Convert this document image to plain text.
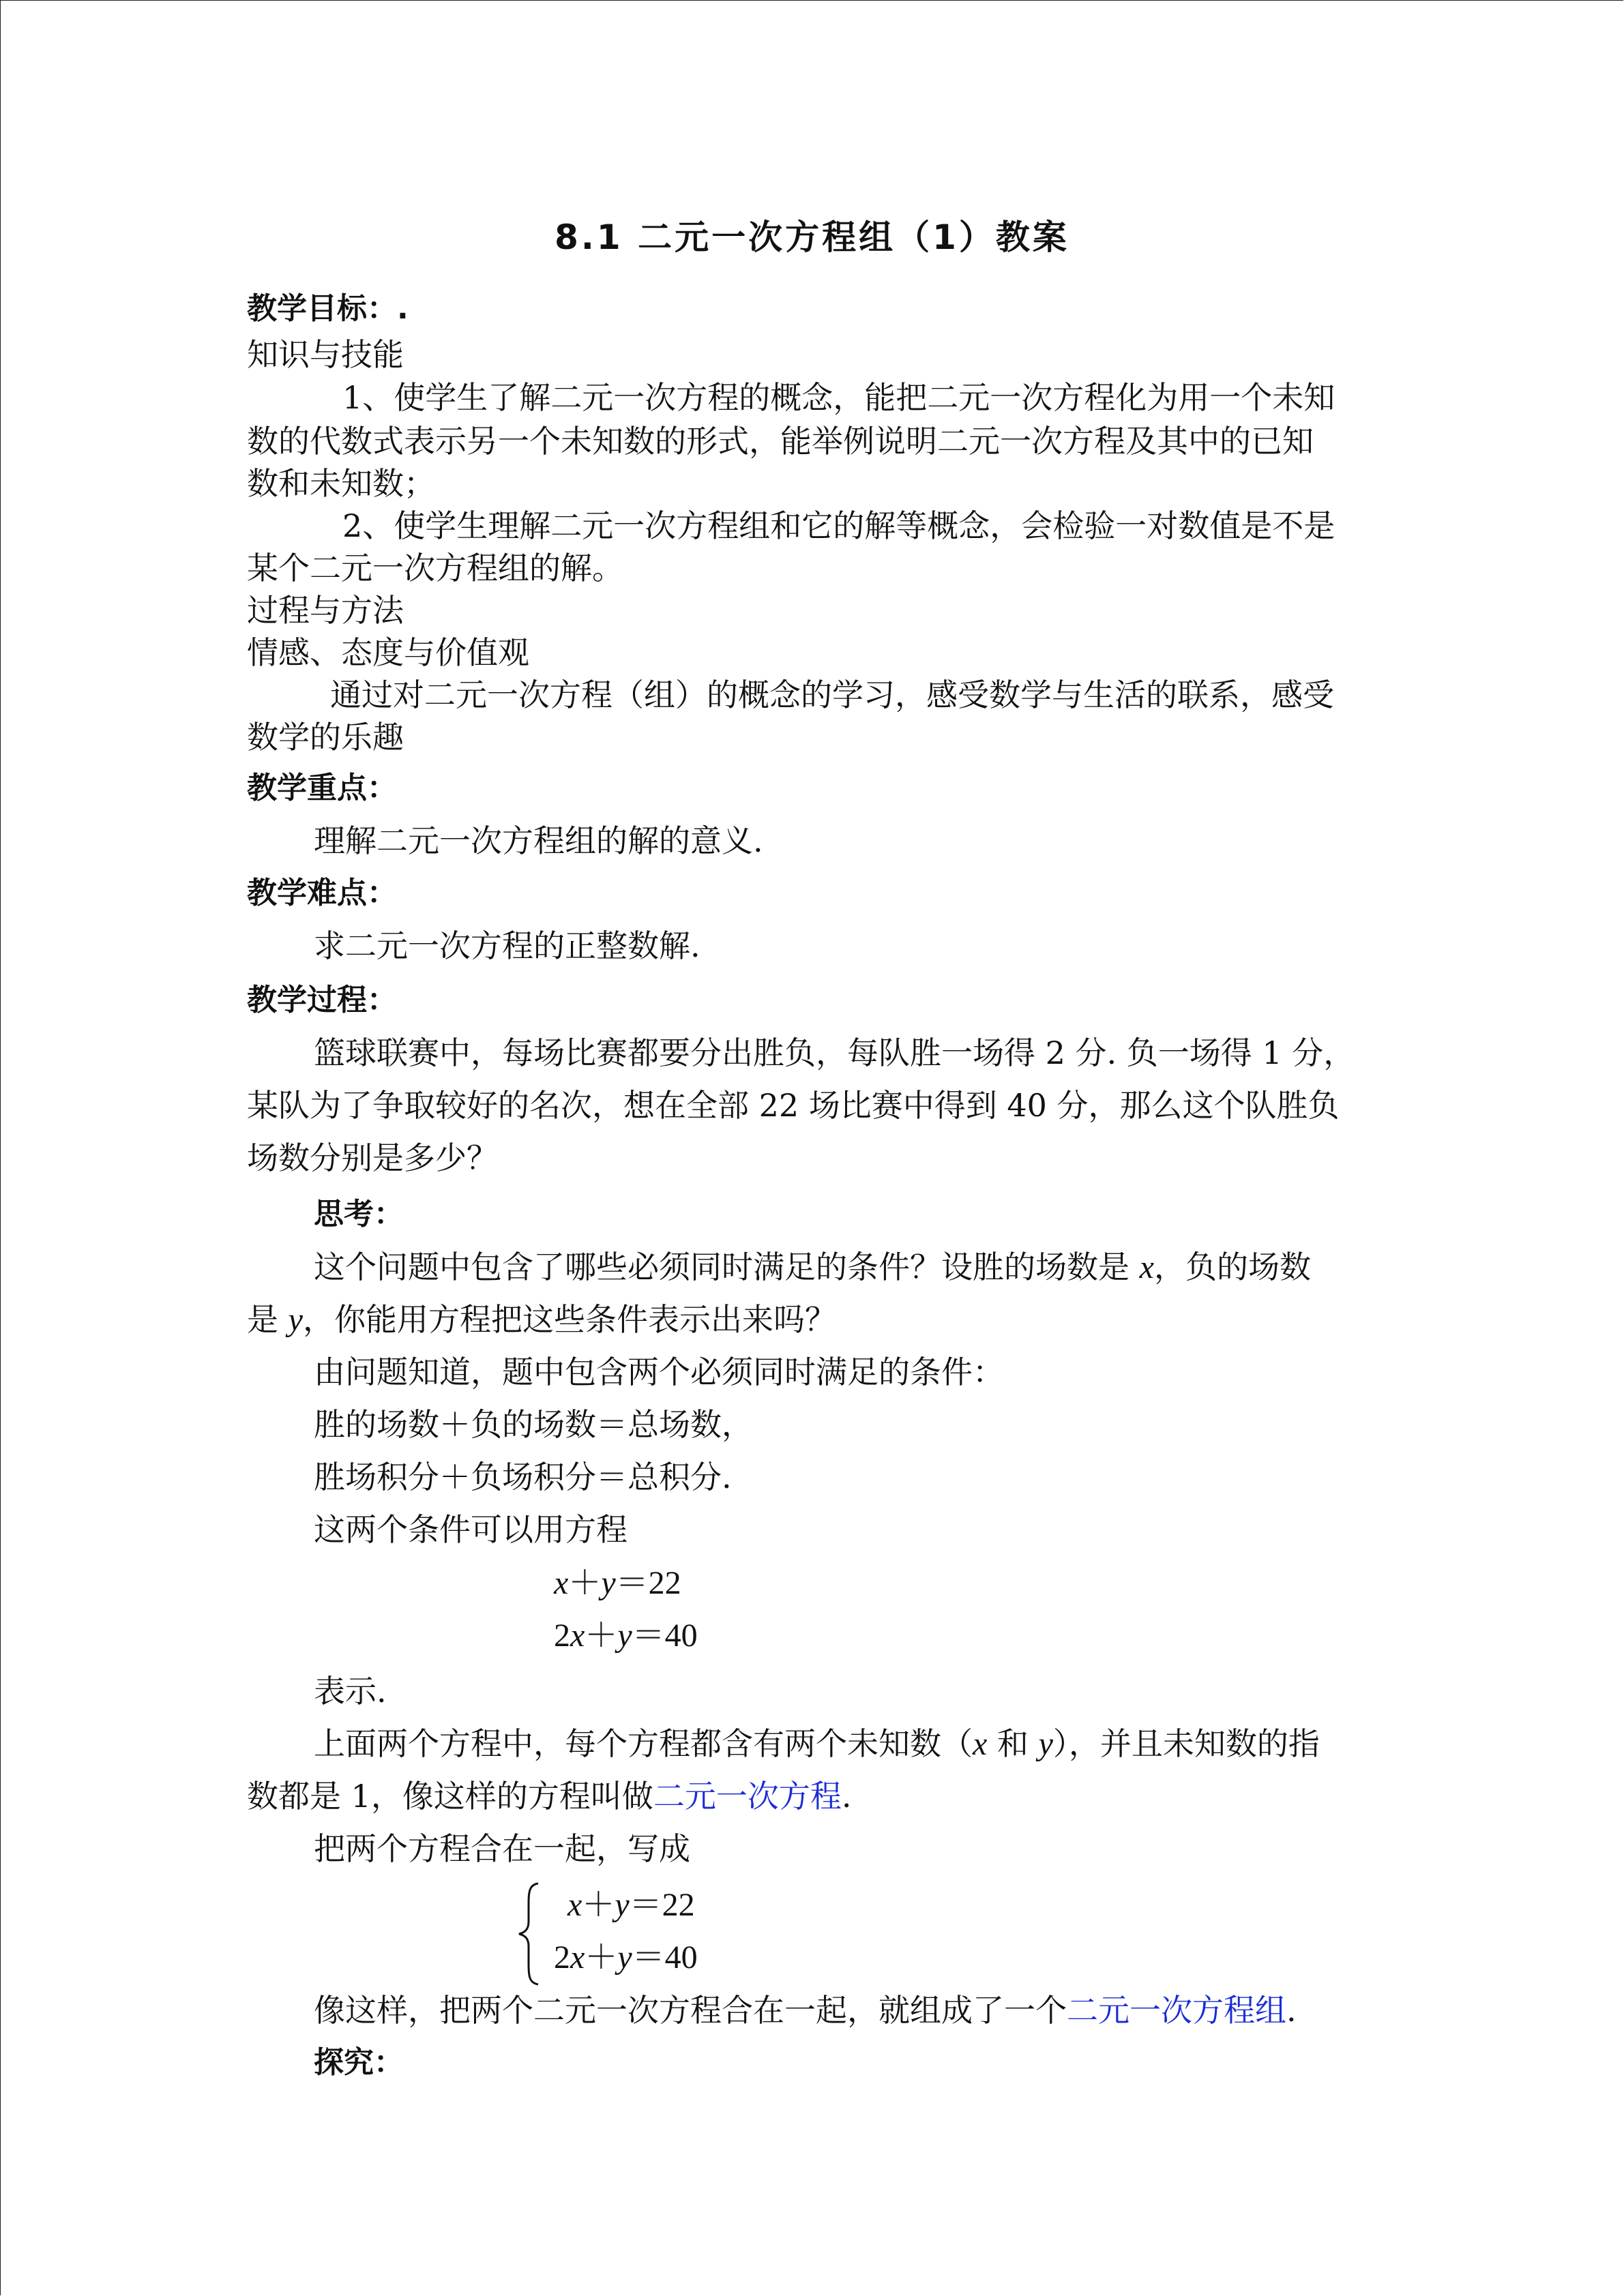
8.1 二元一次方程组（1）教案
教学目标：.
知识与技能
1、使学生了解二元一次方程的概念，能把二元一次方程化为用一个未知
数的代数式表示另一个未知数的形式，能举例说明二元一次方程及其中的已知
数和未知数；
2、使学生理解二元一次方程组和它的解等概念，会检验一对数值是不是
某个二元一次方程组的解。
过程与方法
情感、态度与价值观
通过对二元一次方程（组）的概念的学习，感受数学与生活的联系，感受
数学的乐趣
教学重点：
理解二元一次方程组的解的意义.
教学难点：
求二元一次方程的正整数解.
教学过程：
篮球联赛中，每场比赛都要分出胜负，每队胜一场得 2 分. 负一场得 1 分，
某队为了争取较好的名次，想在全部 22 场比赛中得到 40 分，那么这个队胜负
场数分别是多少？
思考：
这个问题中包含了哪些必须同时满足的条件？设胜的场数是 x，负的场数
是 y，你能用方程把这些条件表示出来吗？
由问题知道，题中包含两个必须同时满足的条件：
胜的场数＋负的场数＝总场数，
胜场积分＋负场积分＝总积分.
这两个条件可以用方程
x＋y＝22
2x＋y＝40
表示.
上面两个方程中，每个方程都含有两个未知数（x 和 y），并且未知数的指
数都是 1，像这样的方程叫做二元一次方程.
把两个方程合在一起，写成
x＋y＝22
2x＋y＝40
像这样，把两个二元一次方程合在一起，就组成了一个二元一次方程组.
探究：
